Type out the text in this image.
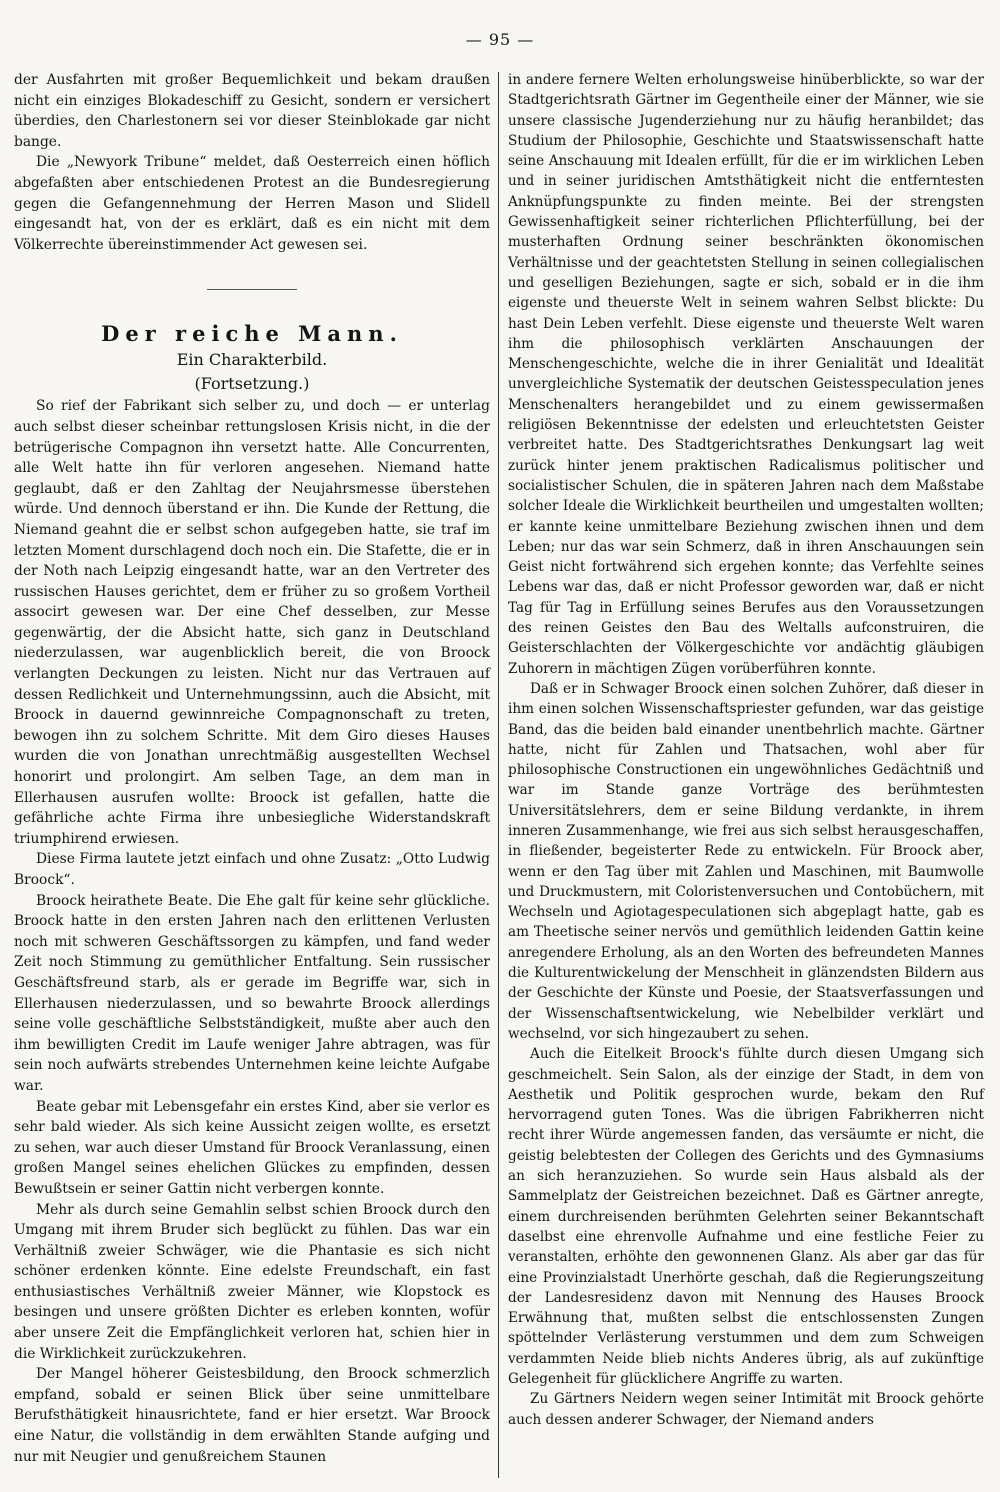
— 95 —

der Ausfahrten mit großer Bequemlichkeit und bekam draußen nicht ein einziges Blokadeschiff zu Gesicht, sondern er versichert überdies, den Charlestonern sei vor dieser Steinblokade gar nicht bange.

Die „Newyork Tribune“ meldet, daß Oesterreich einen höflich abgefaßten aber entschiedenen Protest an die Bundesregierung gegen die Gefangennehmung der Herren Mason und Slidell eingesandt hat, von der es erklärt, daß es ein nicht mit dem Völkerrechte übereinstimmender Act gewesen sei.

Der reiche Mann.

Ein Charakterbild.

(Fortsetzung.)

So rief der Fabrikant sich selber zu, und doch — er unterlag auch selbst dieser scheinbar rettungslosen Krisis nicht, in die der betrügerische Compagnon ihn versetzt hatte. Alle Concurrenten, alle Welt hatte ihn für verloren angesehen. Niemand hatte geglaubt, daß er den Zahltag der Neujahrsmesse überstehen würde. Und dennoch überstand er ihn. Die Kunde der Rettung, die Niemand geahnt die er selbst schon aufgegeben hatte, sie traf im letzten Moment durschlagend doch noch ein. Die Stafette, die er in der Noth nach Leipzig eingesandt hatte, war an den Vertreter des russischen Hauses gerichtet, dem er früher zu so großem Vortheil associrt gewesen war. Der eine Chef desselben, zur Messe gegenwärtig, der die Absicht hatte, sich ganz in Deutschland niederzulassen, war augenblicklich bereit, die von Broock verlangten Deckungen zu leisten. Nicht nur das Vertrauen auf dessen Redlichkeit und Unternehmungssinn, auch die Absicht, mit Broock in dauernd gewinnreiche Compagnonschaft zu treten, bewogen ihn zu solchem Schritte. Mit dem Giro dieses Hauses wurden die von Jonathan unrechtmäßig ausgestellten Wechsel honorirt und prolongirt. Am selben Tage, an dem man in Ellerhausen ausrufen wollte: Broock ist gefallen, hatte die gefährliche achte Firma ihre unbesiegliche Widerstandskraft triumphirend erwiesen.

Diese Firma lautete jetzt einfach und ohne Zusatz: „Otto Ludwig Broock“.

Broock heirathete Beate. Die Ehe galt für keine sehr glückliche. Broock hatte in den ersten Jahren nach den erlittenen Verlusten noch mit schweren Geschäftssorgen zu kämpfen, und fand weder Zeit noch Stimmung zu gemüthlicher Entfaltung. Sein russischer Geschäftsfreund starb, als er gerade im Begriffe war, sich in Ellerhausen niederzulassen, und so bewahrte Broock allerdings seine volle geschäftliche Selbstständigkeit, mußte aber auch den ihm bewilligten Credit im Laufe weniger Jahre abtragen, was für sein noch aufwärts strebendes Unternehmen keine leichte Aufgabe war.

Beate gebar mit Lebensgefahr ein erstes Kind, aber sie verlor es sehr bald wieder. Als sich keine Aussicht zeigen wollte, es ersetzt zu sehen, war auch dieser Umstand für Broock Veranlassung, einen großen Mangel seines ehelichen Glückes zu empfinden, dessen Bewußtsein er seiner Gattin nicht verbergen konnte.

Mehr als durch seine Gemahlin selbst schien Broock durch den Umgang mit ihrem Bruder sich beglückt zu fühlen. Das war ein Verhältniß zweier Schwäger, wie die Phantasie es sich nicht schöner erdenken könnte. Eine edelste Freundschaft, ein fast enthusiastisches Verhältniß zweier Männer, wie Klopstock es besingen und unsere größten Dichter es erleben konnten, wofür aber unsere Zeit die Empfänglichkeit verloren hat, schien hier in die Wirklichkeit zurückzukehren.

Der Mangel höherer Geistesbildung, den Broock schmerzlich empfand, sobald er seinen Blick über seine unmittelbare Berufsthätigkeit hinausrichtete, fand er hier ersetzt. War Broock eine Natur, die vollständig in dem erwählten Stande aufging und nur mit Neugier und genußreichem Staunen

in andere fernere Welten erholungsweise hinüberblickte, so war der Stadtgerichtsrath Gärtner im Gegentheile einer der Männer, wie sie unsere classische Jugenderziehung nur zu häufig heranbildet; das Studium der Philosophie, Geschichte und Staatswissenschaft hatte seine Anschauung mit Idealen erfüllt, für die er im wirklichen Leben und in seiner juridischen Amtsthätigkeit nicht die entferntesten Anknüpfungspunkte zu finden meinte. Bei der strengsten Gewissenhaftigkeit seiner richterlichen Pflichterfüllung, bei der musterhaften Ordnung seiner beschränkten ökonomischen Verhältnisse und der geachtetsten Stellung in seinen collegialischen und geselligen Beziehungen, sagte er sich, sobald er in die ihm eigenste und theuerste Welt in seinem wahren Selbst blickte: Du hast Dein Leben verfehlt. Diese eigenste und theuerste Welt waren ihm die philosophisch verklärten Anschauungen der Menschengeschichte, welche die in ihrer Genialität und Idealität unvergleichliche Systematik der deutschen Geistesspeculation jenes Menschenalters herangebildet und zu einem gewissermaßen religiösen Bekenntnisse der edelsten und erleuchtetsten Geister verbreitet hatte. Des Stadtgerichtsrathes Denkungsart lag weit zurück hinter jenem praktischen Radicalismus politischer und socialistischer Schulen, die in späteren Jahren nach dem Maßstabe solcher Ideale die Wirklichkeit beurtheilen und umgestalten wollten; er kannte keine unmittelbare Beziehung zwischen ihnen und dem Leben; nur das war sein Schmerz, daß in ihren Anschauungen sein Geist nicht fortwährend sich ergehen konnte; das Verfehlte seines Lebens war das, daß er nicht Professor geworden war, daß er nicht Tag für Tag in Erfüllung seines Berufes aus den Voraussetzungen des reinen Geistes den Bau des Weltalls aufconstruiren, die Geisterschlachten der Völkergeschichte vor andächtig gläubigen Zuhorern in mächtigen Zügen vorüberführen konnte.

Daß er in Schwager Broock einen solchen Zuhörer, daß dieser in ihm einen solchen Wissenschaftspriester gefunden, war das geistige Band, das die beiden bald einander unentbehrlich machte. Gärtner hatte, nicht für Zahlen und Thatsachen, wohl aber für philosophische Constructionen ein ungewöhnliches Gedächtniß und war im Stande ganze Vorträge des berühmtesten Universitätslehrers, dem er seine Bildung verdankte, in ihrem inneren Zusammenhange, wie frei aus sich selbst herausgeschaffen, in fließender, begeisterter Rede zu entwickeln. Für Broock aber, wenn er den Tag über mit Zahlen und Maschinen, mit Baumwolle und Druckmustern, mit Coloristenversuchen und Contobüchern, mit Wechseln und Agiotagespeculationen sich abgeplagt hatte, gab es am Theetische seiner nervös und gemüthlich leidenden Gattin keine anregendere Erholung, als an den Worten des befreundeten Mannes die Kulturentwickelung der Menschheit in glänzendsten Bildern aus der Geschichte der Künste und Poesie, der Staatsverfassungen und der Wissenschaftsentwickelung, wie Nebelbilder verklärt und wechselnd, vor sich hingezaubert zu sehen.

Auch die Eitelkeit Broock's fühlte durch diesen Umgang sich geschmeichelt. Sein Salon, als der einzige der Stadt, in dem von Aesthetik und Politik gesprochen wurde, bekam den Ruf hervorragend guten Tones. Was die übrigen Fabrikherren nicht recht ihrer Würde angemessen fanden, das versäumte er nicht, die geistig belebtesten der Collegen des Gerichts und des Gymnasiums an sich heranzuziehen. So wurde sein Haus alsbald als der Sammelplatz der Geistreichen bezeichnet. Daß es Gärtner anregte, einem durchreisenden berühmten Gelehrten seiner Bekanntschaft daselbst eine ehrenvolle Aufnahme und eine festliche Feier zu veranstalten, erhöhte den gewonnenen Glanz. Als aber gar das für eine Provinzialstadt Unerhörte geschah, daß die Regierungszeitung der Landesresidenz davon mit Nennung des Hauses Broock Erwähnung that, mußten selbst die entschlossensten Zungen spöttelnder Verlästerung verstummen und dem zum Schweigen verdammten Neide blieb nichts Anderes übrig, als auf zukünftige Gelegenheit für glücklichere Angriffe zu warten.

Zu Gärtners Neidern wegen seiner Intimität mit Broock gehörte auch dessen anderer Schwager, der Niemand anders
